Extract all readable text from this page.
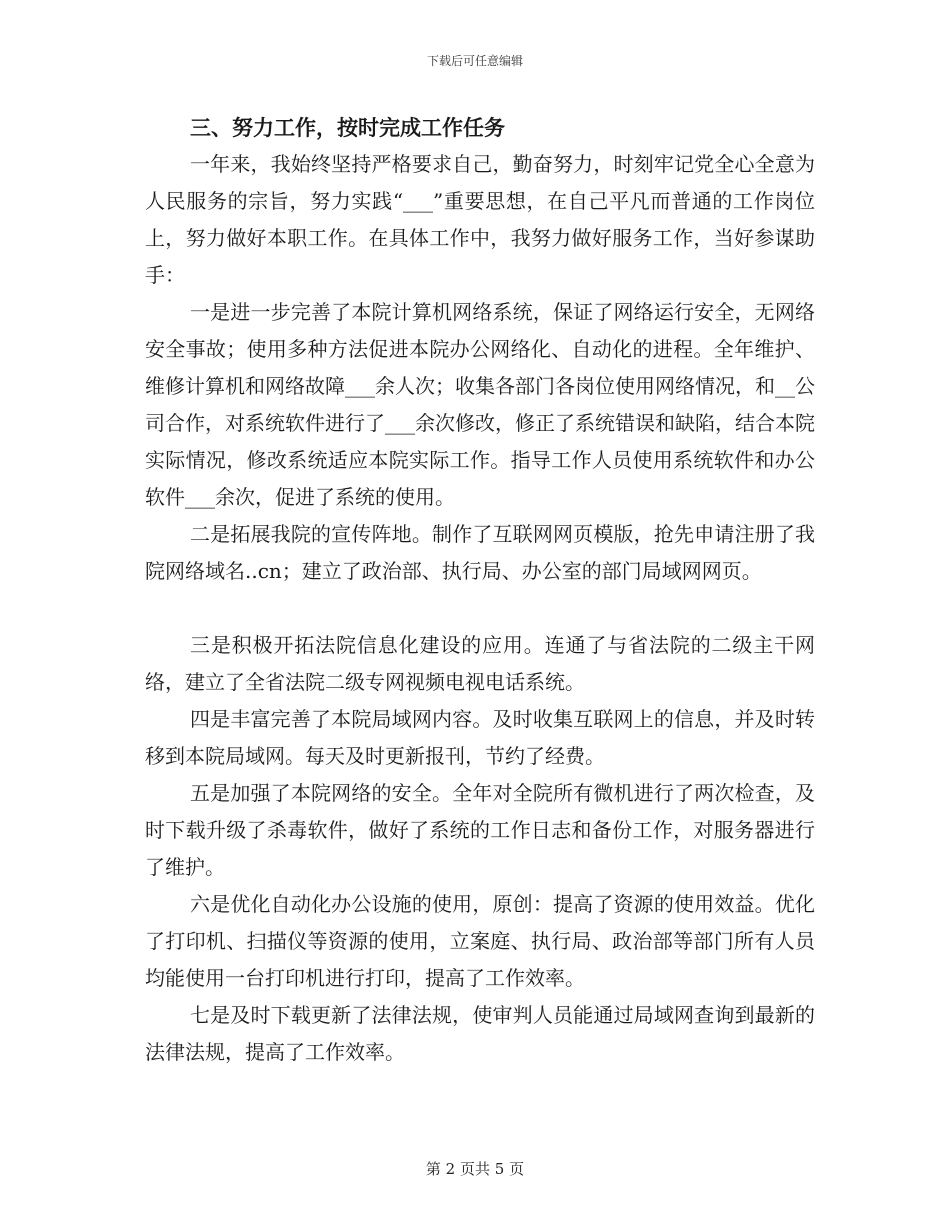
下载后可任意编辑
三、努力工作，按时完成工作任务

一年来，我始终坚持严格要求自己，勤奋努力，时刻牢记党全心全意为人民服务的宗旨，努力实践“___”重要思想，在自己平凡而普通的工作岗位上，努力做好本职工作。在具体工作中，我努力做好服务工作，当好参谋助手：

一是进一步完善了本院计算机网络系统，保证了网络运行安全，无网络安全事故；使用多种方法促进本院办公网络化、自动化的进程。全年维护、维修计算机和网络故障___余人次；收集各部门各岗位使用网络情况，和__公司合作，对系统软件进行了___余次修改，修正了系统错误和缺陷，结合本院实际情况，修改系统适应本院实际工作。指导工作人员使用系统软件和办公软件___余次，促进了系统的使用。

二是拓展我院的宣传阵地。制作了互联网网页模版，抢先申请注册了我院网络域名..cn；建立了政治部、执行局、办公室的部门局域网网页。

三是积极开拓法院信息化建设的应用。连通了与省法院的二级主干网络，建立了全省法院二级专网视频电视电话系统。

四是丰富完善了本院局域网内容。及时收集互联网上的信息，并及时转移到本院局域网。每天及时更新报刊，节约了经费。

五是加强了本院网络的安全。全年对全院所有微机进行了两次检查，及时下载升级了杀毒软件，做好了系统的工作日志和备份工作，对服务器进行了维护。

六是优化自动化办公设施的使用，原创：提高了资源的使用效益。优化了打印机、扫描仪等资源的使用，立案庭、执行局、政治部等部门所有人员均能使用一台打印机进行打印，提高了工作效率。

七是及时下载更新了法律法规，使审判人员能通过局域网查询到最新的法律法规，提高了工作效率。

第 2 页共 5 页
